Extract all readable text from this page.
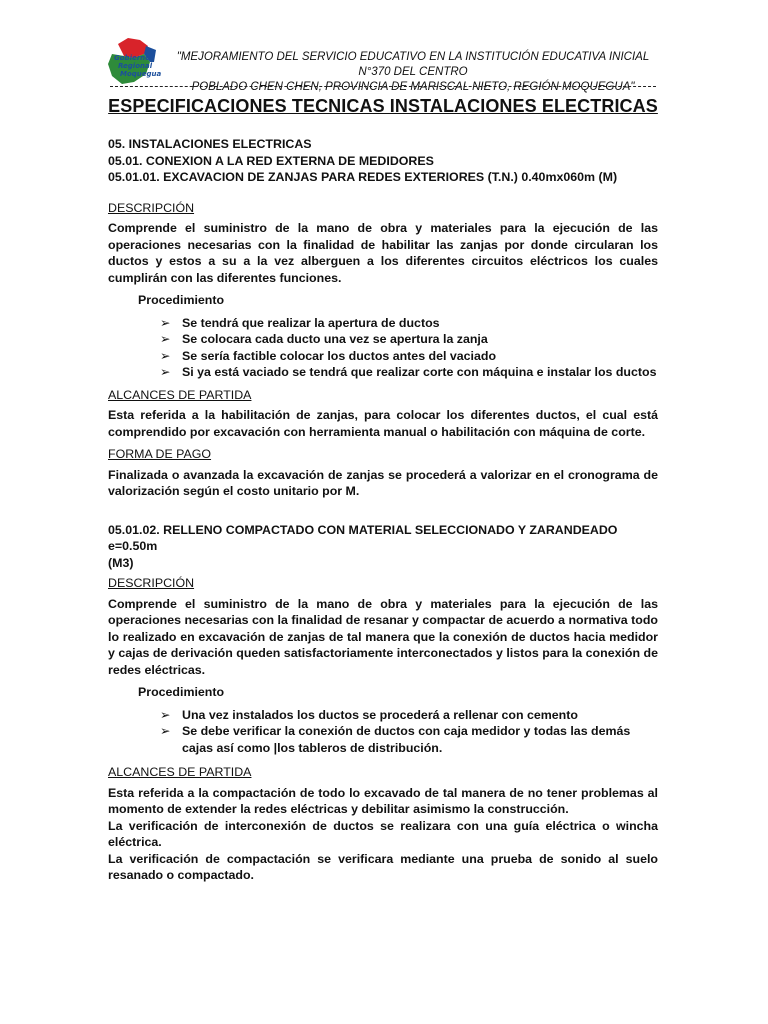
Gobierno
Regional
Moquegua
"MEJORAMIENTO DEL SERVICIO EDUCATIVO EN LA INSTITUCIÓN EDUCATIVA INICIAL N°370 DEL CENTRO
POBLADO CHEN CHEN, PROVINCIA DE MARISCAL NIETO, REGIÓN MOQUEGUA"
ESPECIFICACIONES TECNICAS INSTALACIONES ELECTRICAS

05. INSTALACIONES ELECTRICAS

05.01. CONEXION A LA RED EXTERNA DE MEDIDORES

05.01.01. EXCAVACION DE ZANJAS PARA REDES EXTERIORES (T.N.) 0.40mx060m (M)

DESCRIPCIÓN

Comprende el suministro de la mano de obra y materiales para la ejecución de las operaciones necesarias con la finalidad de habilitar las zanjas por donde circularan los ductos y estos a su a la vez alberguen a los diferentes circuitos eléctricos los cuales cumplirán con las diferentes funciones.

Procedimiento

➢ Se tendrá que realizar la apertura de ductos
➢ Se colocara cada ducto una vez se apertura la zanja
➢ Se sería factible colocar los ductos antes del vaciado
➢ Si ya está vaciado se tendrá que realizar corte con máquina e instalar los ductos

ALCANCES DE PARTIDA

Esta referida a la habilitación de zanjas, para colocar los diferentes ductos, el cual está comprendido por excavación con herramienta manual o habilitación con máquina de corte.

FORMA DE PAGO

Finalizada o avanzada la excavación de zanjas se procederá a valorizar en el cronograma de valorización según el costo unitario por M.

05.01.02. RELLENO COMPACTADO CON MATERIAL SELECCIONADO Y ZARANDEADO e=0.50m

(M3)

DESCRIPCIÓN

Comprende el suministro de la mano de obra y materiales para la ejecución de las operaciones necesarias con la finalidad de resanar y compactar de acuerdo a normativa todo lo realizado en excavación de zanjas de tal manera que la conexión de ductos hacia medidor y cajas de derivación queden satisfactoriamente interconectados y listos para la conexión de redes eléctricas.

Procedimiento

➢ Una vez instalados los ductos se procederá a rellenar con cemento
➢ Se debe verificar la conexión de ductos con caja medidor y todas las demás cajas así como |los tableros de distribución.

ALCANCES DE PARTIDA

Esta referida a la compactación de todo lo excavado de tal manera de no tener problemas al momento de extender la redes eléctricas y debilitar asimismo la construcción.

La verificación de interconexión de ductos se realizara con una guía eléctrica o wincha eléctrica.

La verificación de compactación se verificara mediante una prueba de sonido al suelo resanado o compactado.
